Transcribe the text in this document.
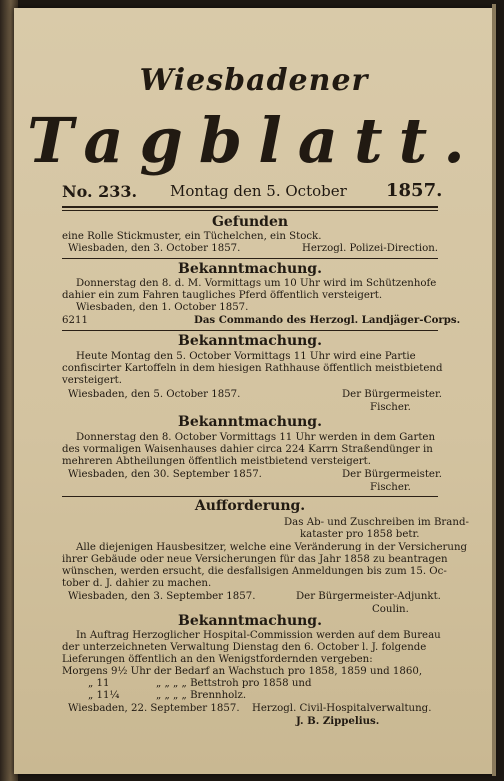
Wiesbadener
Tagblatt.
No. 233. Montag den 5. October 1857.
Gefunden
eine Rolle Stickmuster, ein Tüchelchen, ein Stock.
Wiesbaden, den 3. October 1857.	Herzogl. Polizei-Direction.
Bekanntmachung.
Donnerstag den 8. d. M. Vormittags um 10 Uhr wird im Schützenhofe
dahier ein zum Fahren taugliches Pferd öffentlich versteigert.
Wiesbaden, den 1. October 1857.
6211	Das Commando des Herzogl. Landjäger-Corps.
Bekanntmachung.
Heute Montag den 5. October Vormittags 11 Uhr wird eine Partie
confiscirter Kartoffeln in dem hiesigen Rathhause öffentlich meistbietend
versteigert.
Wiesbaden, den 5. October 1857.	Der Bürgermeister.
Fischer.
Bekanntmachung.
Donnerstag den 8. October Vormittags 11 Uhr werden in dem Garten
des vormaligen Waisenhauses dahier circa 224 Karrn Straßendünger in
mehreren Abtheilungen öffentlich meistbietend versteigert.
Wiesbaden, den 30. September 1857.	Der Bürgermeister.
Fischer.
Aufforderung.
Das Ab- und Zuschreiben im Brand-
kataster pro 1858 betr.
Alle diejenigen Hausbesitzer, welche eine Veränderung in der Versicherung
ihrer Gebäude oder neue Versicherungen für das Jahr 1858 zu beantragen
wünschen, werden ersucht, die desfallsigen Anmeldungen bis zum 15. Oc-
tober d. J. dahier zu machen.
Wiesbaden, den 3. September 1857.	Der Bürgermeister-Adjunkt.
Coulin.
Bekanntmachung.
In Auftrag Herzoglicher Hospital-Commission werden auf dem Bureau
der unterzeichneten Verwaltung Dienstag den 6. October l. J. folgende
Lieferungen öffentlich an den Wenigstfordernden vergeben:
Morgens 9½ Uhr der Bedarf an Wachstuch pro 1858, 1859 und 1860,
„ 11	„ „ „ „ Bettstroh pro 1858 und
„ 11¼	„ „ „ „ Brennholz.
Wiesbaden, 22. September 1857. Herzogl. Civil-Hospitalverwaltung.
J. B. Zippelius.
